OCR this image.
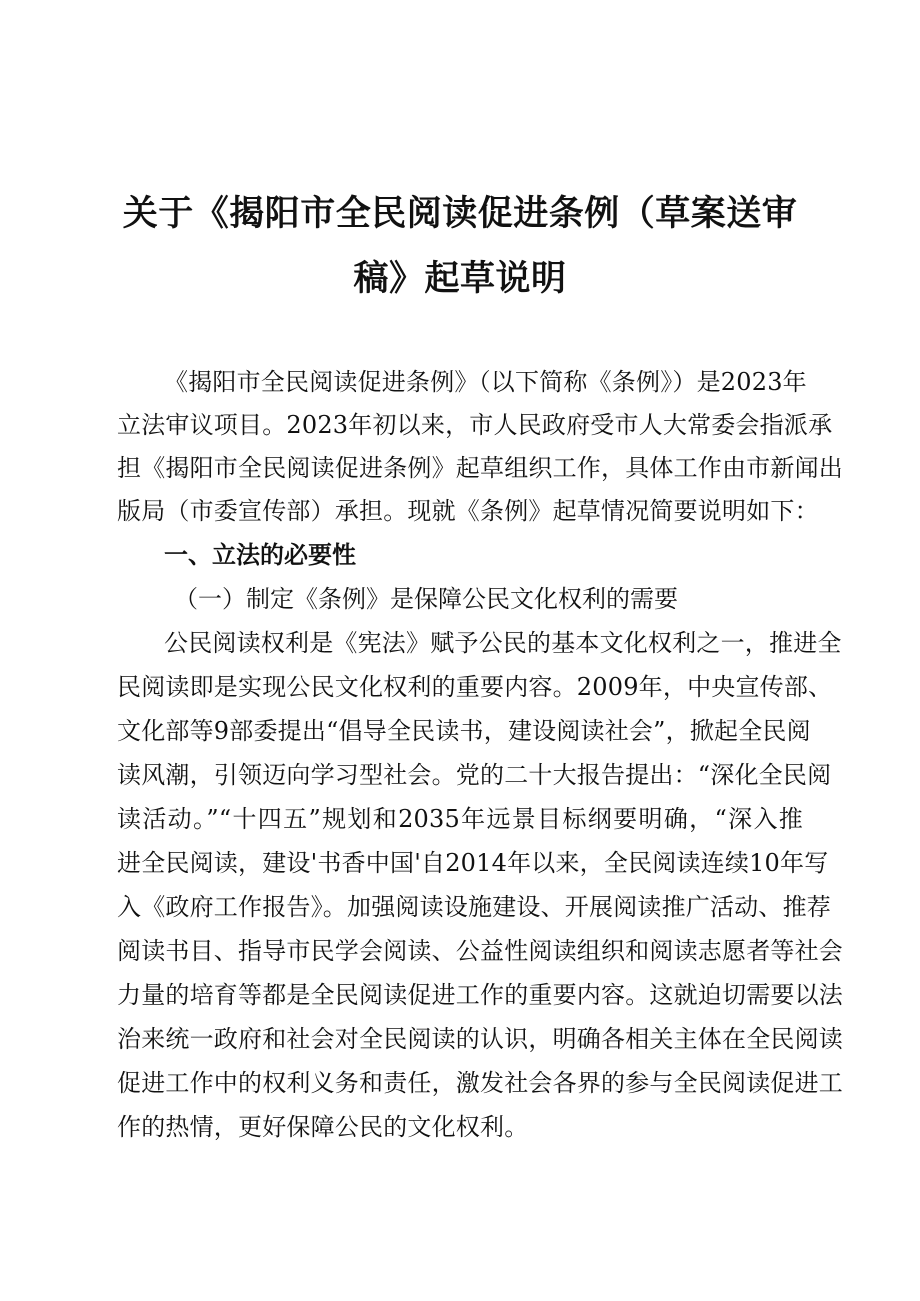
关于《揭阳市全民阅读促进条例（草案送审
稿》起草说明
《揭阳市全民阅读促进条例》（以下简称《条例》）是2023年
立法审议项目。2023年初以来，市人民政府受市人大常委会指派承
担《揭阳市全民阅读促进条例》起草组织工作，具体工作由市新闻出
版局（市委宣传部）承担。现就《条例》起草情况简要说明如下：
一、立法的必要性
（一）制定《条例》是保障公民文化权利的需要
公民阅读权利是《宪法》赋予公民的基本文化权利之一，推进全
民阅读即是实现公民文化权利的重要内容。2009年，中央宣传部、
文化部等9部委提出“倡导全民读书，建设阅读社会”，掀起全民阅
读风潮，引领迈向学习型社会。党的二十大报告提出：“深化全民阅
读活动。”“十四五”规划和2035年远景目标纲要明确，“深入推
进全民阅读，建设'书香中国'自2014年以来，全民阅读连续10年写
入《政府工作报告》。加强阅读设施建设、开展阅读推广活动、推荐
阅读书目、指导市民学会阅读、公益性阅读组织和阅读志愿者等社会
力量的培育等都是全民阅读促进工作的重要内容。这就迫切需要以法
治来统一政府和社会对全民阅读的认识，明确各相关主体在全民阅读
促进工作中的权利义务和责任，激发社会各界的参与全民阅读促进工
作的热情，更好保障公民的文化权利。
